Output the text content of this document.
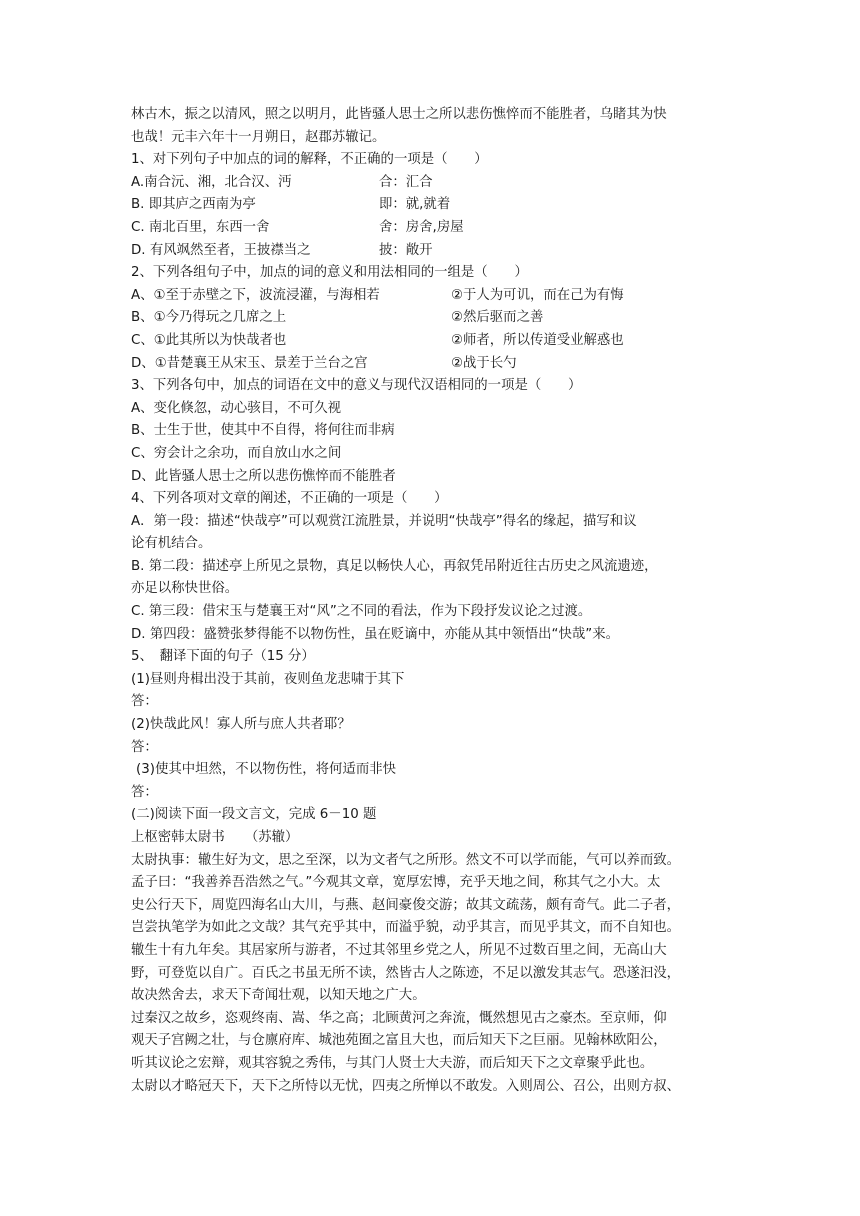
林古木，振之以清风，照之以明月，此皆骚人思士之所以悲伤憔悴而不能胜者，乌睹其为快
也哉！元丰六年十一月朔日，赵郡苏辙记。
1、对下列句子中加点的词的解释，不正确的一项是（　　）
A.南合沅、湘，北合汉、沔	合：汇合
B. 即其庐之西南为亭	即：就,就着
C. 南北百里，东西一舍	舍：房舍,房屋
D. 有风飒然至者，王披襟当之	披：敞开
2、下列各组句子中，加点的词的意义和用法相同的一组是（　　）
A、①至于赤壁之下，波流浸灌，与海相若	②于人为可讥，而在己为有悔
B、①今乃得玩之几席之上	②然后驱而之善
C、①此其所以为快哉者也	②师者，所以传道受业解惑也
D、①昔楚襄王从宋玉、景差于兰台之宫	②战于长勺
3、下列各句中，加点的词语在文中的意义与现代汉语相同的一项是（　　）
A、变化倏忽，动心骇目，不可久视
B、士生于世，使其中不自得，将何往而非病
C、穷会计之余功，而自放山水之间
D、此皆骚人思士之所以悲伤憔悴而不能胜者
4、下列各项对文章的阐述，不正确的一项是（　　）
A．第一段：描述“快哉亭”可以观赏江流胜景，并说明“快哉亭”得名的缘起，描写和议
论有机结合。
B. 第二段：描述亭上所见之景物，真足以畅快人心，再叙凭吊附近往古历史之风流遗迹，
亦足以称快世俗。
C. 第三段：借宋玉与楚襄王对“风”之不同的看法，作为下段抒发议论之过渡。
D. 第四段：盛赞张梦得能不以物伤性，虽在贬谪中，亦能从其中领悟出“快哉”来。
5、　翻译下面的句子（15 分）
(1)昼则舟楫出没于其前，夜则鱼龙悲啸于其下
答：
(2)快哉此风！寡人所与庶人共者耶？
答：
(3)使其中坦然，不以物伤性，将何适而非快
答：
(二)阅读下面一段文言文，完成 6－10 题
上枢密韩太尉书　　（苏辙）
太尉执事：辙生好为文，思之至深，以为文者气之所形。然文不可以学而能，气可以养而致。
孟子曰：“我善养吾浩然之气。”今观其文章，宽厚宏博，充乎天地之间，称其气之小大。太
史公行天下，周览四海名山大川，与燕、赵间豪俊交游；故其文疏荡，颇有奇气。此二子者，
岂尝执笔学为如此之文哉？其气充乎其中，而溢乎貌，动乎其言，而见乎其文，而不自知也。
辙生十有九年矣。其居家所与游者，不过其邻里乡党之人，所见不过数百里之间，无高山大
野，可登览以自广。百氏之书虽无所不读，然皆古人之陈迹，不足以激发其志气。恐遂汩没，
故决然舍去，求天下奇闻壮观，以知天地之广大。
过秦汉之故乡，恣观终南、嵩、华之高；北顾黄河之奔流，慨然想见古之豪杰。至京师，仰
观天子宫阙之壮，与仓廪府库、城池苑囿之富且大也，而后知天下之巨丽。见翰林欧阳公，
听其议论之宏辩，观其容貌之秀伟，与其门人贤士大夫游，而后知天下之文章聚乎此也。
太尉以才略冠天下，天下之所恃以无忧，四夷之所惮以不敢发。入则周公、召公，出则方叔、
